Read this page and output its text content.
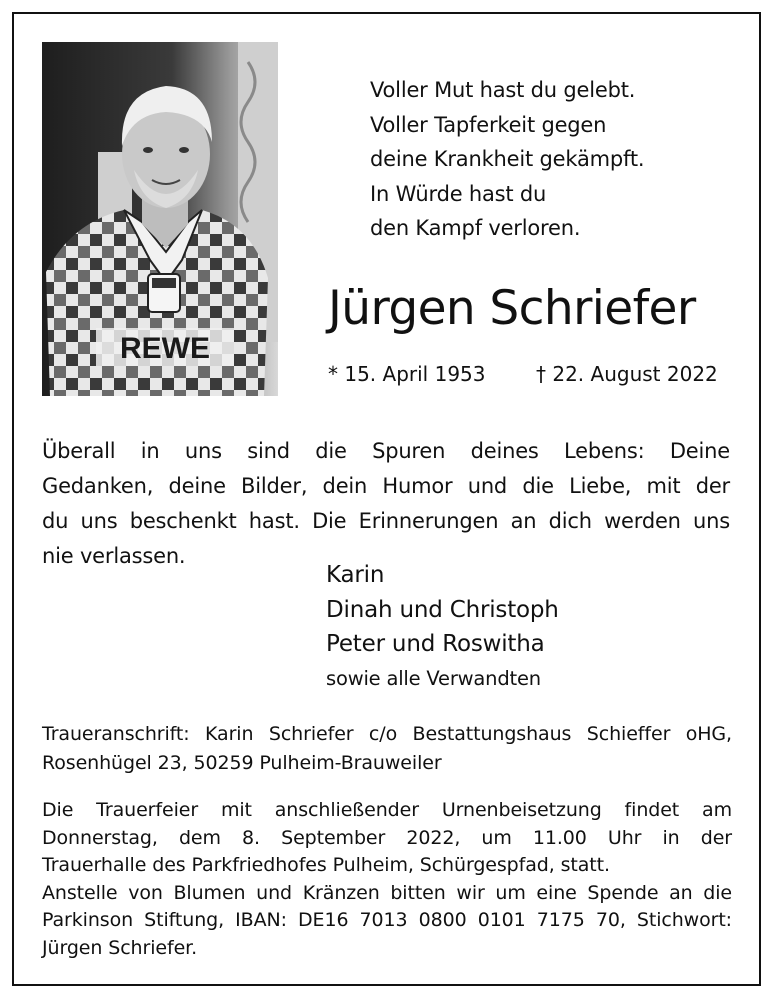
REWE
Voller Mut hast du gelebt.
Voller Tapferkeit gegen
deine Krankheit gekämpft.
In Würde hast du
den Kampf verloren.
Jürgen Schriefer
* 15. April 1953	† 22. August 2022
Überall in uns sind die Spuren deines Lebens: Deine
Gedanken, deine Bilder, dein Humor und die Liebe, mit der
du uns beschenkt hast. Die Erinnerungen an dich werden uns
nie verlassen.
Karin
Dinah und Christoph
Peter und Roswitha
sowie alle Verwandten
Traueranschrift: Karin Schriefer c/o Bestattungshaus Schieffer oHG,
Rosenhügel 23, 50259 Pulheim-Brauweiler
Die Trauerfeier mit anschließender Urnenbeisetzung findet am
Donnerstag, dem 8. September 2022, um 11.00 Uhr in der
Trauerhalle des Parkfriedhofes Pulheim, Schürgespfad, statt.
Anstelle von Blumen und Kränzen bitten wir um eine Spende an die
Parkinson Stiftung, IBAN: DE16 7013 0800 0101 7175 70, Stichwort:
Jürgen Schriefer.
